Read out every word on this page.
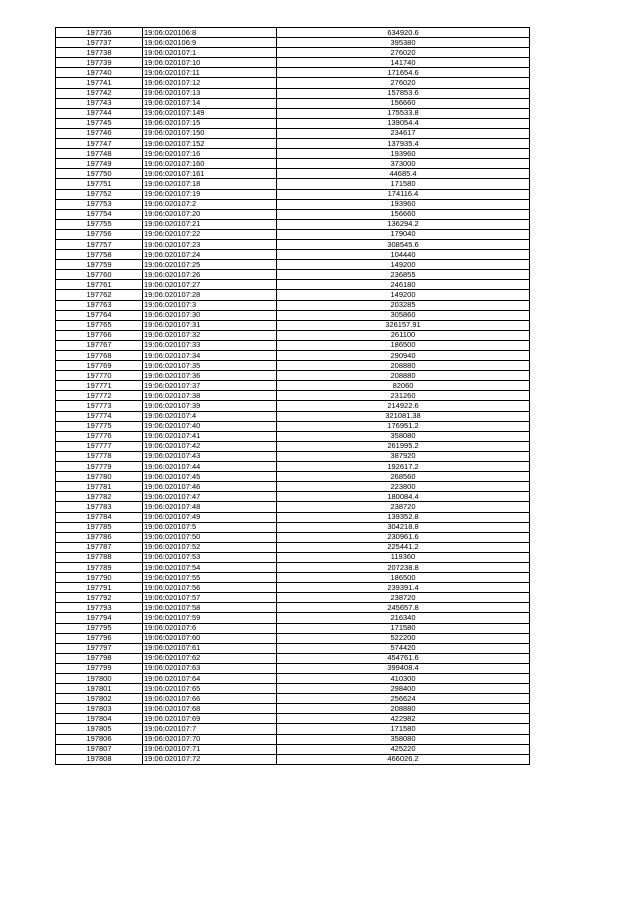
197736	19:06:020106:8	634920.6
197737	19:06:020106:9	395380
197738	19:06:020107:1	276020
197739	19:06:020107:10	141740
197740	19:06:020107:11	171654.6
197741	19:06:020107:12	276020
197742	19:06:020107:13	157853.6
197743	19:06:020107:14	156660
197744	19:06:020107:149	175533.8
197745	19:06:020107:15	139054.4
197746	19:06:020107:150	234617
197747	19:06:020107:152	137935.4
197748	19:06:020107:16	193960
197749	19:06:020107:160	373000
197750	19:06:020107:161	44685.4
197751	19:06:020107:18	171580
197752	19:06:020107:19	174116.4
197753	19:06:020107:2	193960
197754	19:06:020107:20	156660
197755	19:06:020107:21	136294.2
197756	19:06:020107:22	179040
197757	19:06:020107:23	308545.6
197758	19:06:020107:24	104440
197759	19:06:020107:25	149200
197760	19:06:020107:26	236855
197761	19:06:020107:27	246180
197762	19:06:020107:28	149200
197763	19:06:020107:3	203285
197764	19:06:020107:30	305860
197765	19:06:020107:31	326157.91
197766	19:06:020107:32	261100
197767	19:06:020107:33	186500
197768	19:06:020107:34	290940
197769	19:06:020107:35	208880
197770	19:06:020107:36	208880
197771	19:06:020107:37	82060
197772	19:06:020107:38	231260
197773	19:06:020107:39	214922.6
197774	19:06:020107:4	321081.38
197775	19:06:020107:40	176951.2
197776	19:06:020107:41	358080
197777	19:06:020107:42	261995.2
197778	19:06:020107:43	387920
197779	19:06:020107:44	192617.2
197780	19:06:020107:45	268560
197781	19:06:020107:46	223800
197782	19:06:020107:47	180084.4
197783	19:06:020107:48	238720
197784	19:06:020107:49	139352.8
197785	19:06:020107:5	304218.8
197786	19:06:020107:50	230961.6
197787	19:06:020107:52	225441.2
197788	19:06:020107:53	119360
197789	19:06:020107:54	207238.8
197790	19:06:020107:55	186500
197791	19:06:020107:56	239391.4
197792	19:06:020107:57	238720
197793	19:06:020107:58	245657.8
197794	19:06:020107:59	216340
197795	19:06:020107:6	171580
197796	19:06:020107:60	522200
197797	19:06:020107:61	574420
197798	19:06:020107:62	454761.6
197799	19:06:020107:63	399408.4
197800	19:06:020107:64	410300
197801	19:06:020107:65	298400
197802	19:06:020107:66	256624
197803	19:06:020107:68	208880
197804	19:06:020107:69	422982
197805	19:06:020107:7	171580
197806	19:06:020107:70	358080
197807	19:06:020107:71	425220
197808	19:06:020107:72	466026.2
